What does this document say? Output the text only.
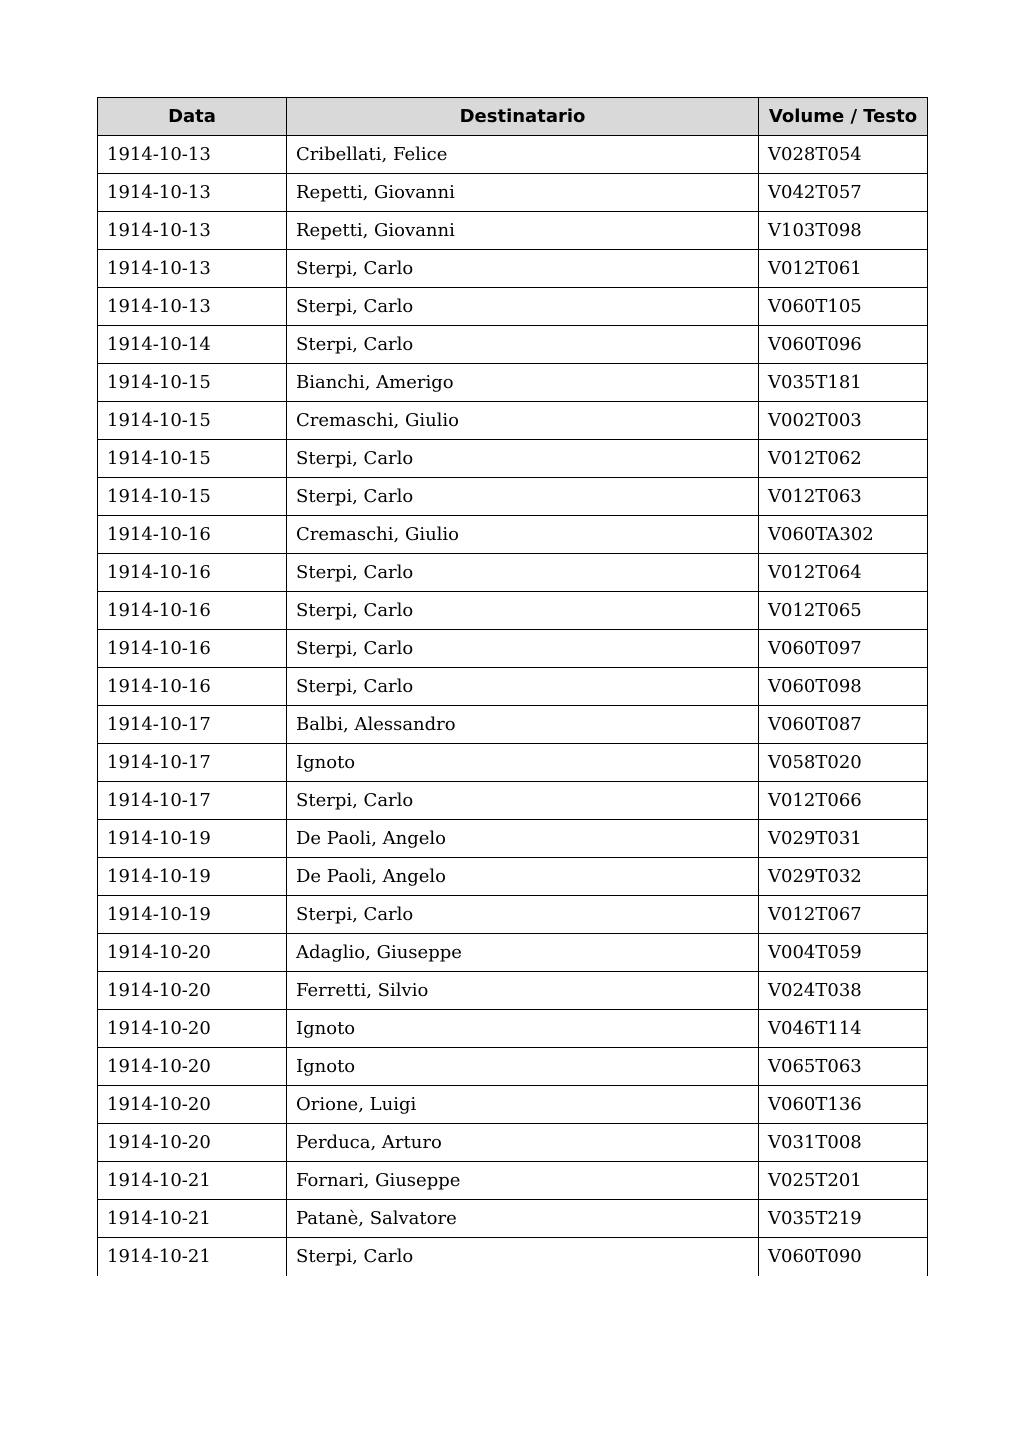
Data	Destinatario	Volume / Testo
1914-10-13	Cribellati, Felice	V028T054
1914-10-13	Repetti, Giovanni	V042T057
1914-10-13	Repetti, Giovanni	V103T098
1914-10-13	Sterpi, Carlo	V012T061
1914-10-13	Sterpi, Carlo	V060T105
1914-10-14	Sterpi, Carlo	V060T096
1914-10-15	Bianchi, Amerigo	V035T181
1914-10-15	Cremaschi, Giulio	V002T003
1914-10-15	Sterpi, Carlo	V012T062
1914-10-15	Sterpi, Carlo	V012T063
1914-10-16	Cremaschi, Giulio	V060TA302
1914-10-16	Sterpi, Carlo	V012T064
1914-10-16	Sterpi, Carlo	V012T065
1914-10-16	Sterpi, Carlo	V060T097
1914-10-16	Sterpi, Carlo	V060T098
1914-10-17	Balbi, Alessandro	V060T087
1914-10-17	Ignoto	V058T020
1914-10-17	Sterpi, Carlo	V012T066
1914-10-19	De Paoli, Angelo	V029T031
1914-10-19	De Paoli, Angelo	V029T032
1914-10-19	Sterpi, Carlo	V012T067
1914-10-20	Adaglio, Giuseppe	V004T059
1914-10-20	Ferretti, Silvio	V024T038
1914-10-20	Ignoto	V046T114
1914-10-20	Ignoto	V065T063
1914-10-20	Orione, Luigi	V060T136
1914-10-20	Perduca, Arturo	V031T008
1914-10-21	Fornari, Giuseppe	V025T201
1914-10-21	Patanè, Salvatore	V035T219
1914-10-21	Sterpi, Carlo	V060T090
